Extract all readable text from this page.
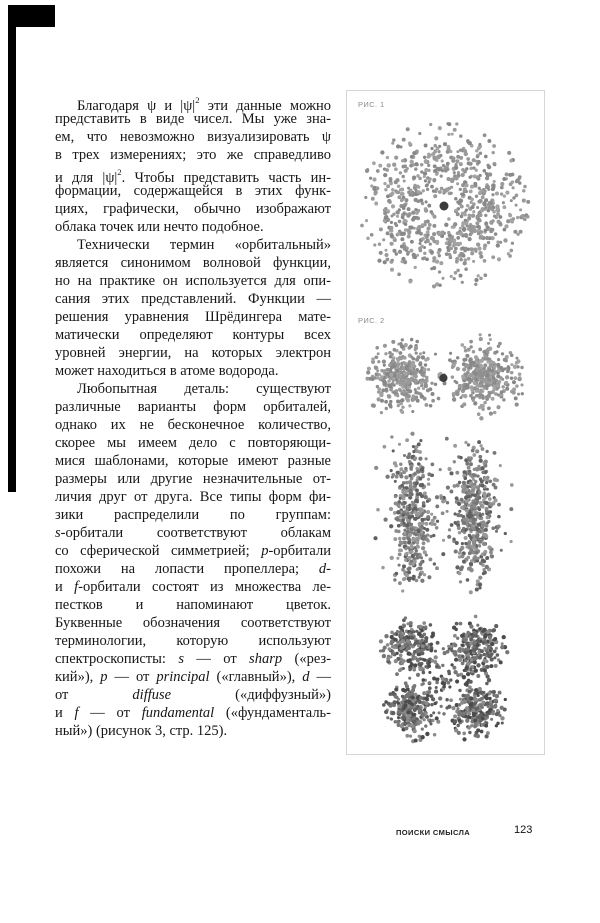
Благодаря ψ и $|\psi|^2$ эти данные можно
представить в виде чисел. Мы уже зна-
ем, что невозможно визуализировать ψ
в трех измерениях; это же справедливо
и для $|\psi|^2$. Чтобы представить часть ин-
формации, содержащейся в этих функ-
циях, графически, обычно изображают
облака точек или нечто подобное.
Технически термин «орбитальный»
является синонимом волновой функции,
но на практике он используется для опи-
сания этих представлений. Функции —
решения уравнения Шрёдингера мате-
матически определяют контуры всех
уровней энергии, на которых электрон
может находиться в атоме водорода.
Любопытная деталь: существуют
различные варианты форм орбиталей,
однако их не бесконечное количество,
скорее мы имеем дело с повторяющи-
мися шаблонами, которые имеют разные
размеры или другие незначительные от-
личия друг от друга. Все типы форм фи-
зики распределили по группам:
s-орбитали соответствуют облакам
со сферической симметрией; p-орбитали
похожи на лопасти пропеллера; d-
и f-орбитали состоят из множества ле-
пестков и напоминают цветок.
Буквенные обозначения соответствуют
терминологии, которую используют
спектроскописты: s — от sharp («рез-
кий»), p — от principal («главный»), d —
от diffuse («диффузный»)
и f — от fundamental («фундаменталь-
ный») (рисунок 3, стр. 125).
РИС. 1
РИС. 2
ПОИСКИ СМЫСЛА	123
